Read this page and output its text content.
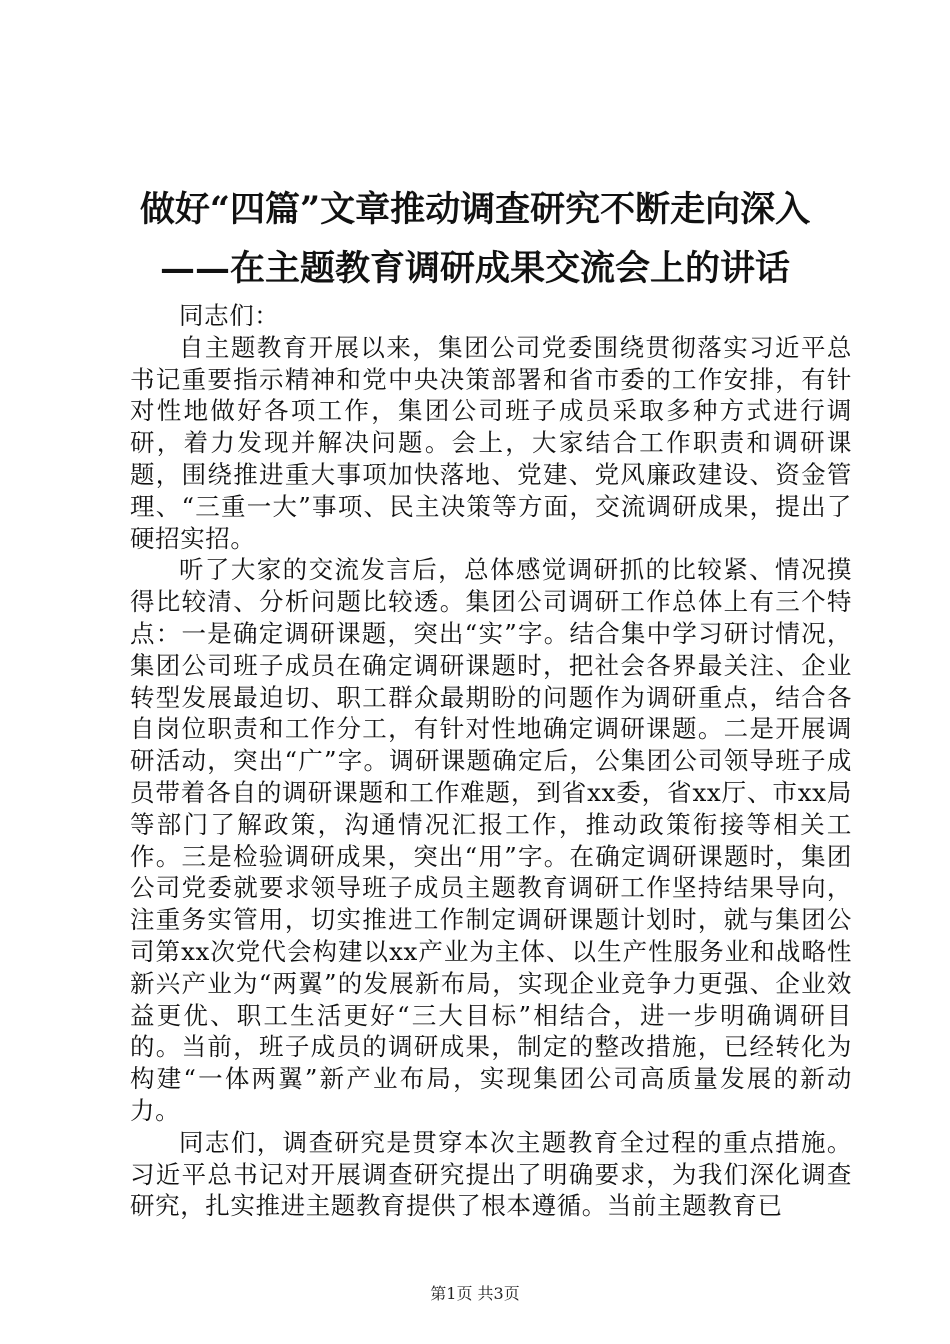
做好“四篇”文章推动调查研究不断走向深入
——在主题教育调研成果交流会上的讲话

同志们：

自主题教育开展以来，集团公司党委围绕贯彻落实习近平总书记重要指示精神和党中央决策部署和省市委的工作安排，有针对性地做好各项工作，集团公司班子成员采取多种方式进行调研，着力发现并解决问题。会上，大家结合工作职责和调研课题，围绕推进重大事项加快落地、党建、党风廉政建设、资金管理、“三重一大”事项、民主决策等方面，交流调研成果，提出了硬招实招。

听了大家的交流发言后，总体感觉调研抓的比较紧、情况摸得比较清、分析问题比较透。集团公司调研工作总体上有三个特点：一是确定调研课题，突出“实”字。结合集中学习研讨情况，集团公司班子成员在确定调研课题时，把社会各界最关注、企业转型发展最迫切、职工群众最期盼的问题作为调研重点，结合各自岗位职责和工作分工，有针对性地确定调研课题。二是开展调研活动，突出“广”字。调研课题确定后，公集团公司领导班子成员带着各自的调研课题和工作难题，到省xx委，省xx厅、市xx局等部门了解政策，沟通情况汇报工作，推动政策衔接等相关工作。三是检验调研成果，突出“用”字。在确定调研课题时，集团公司党委就要求领导班子成员主题教育调研工作坚持结果导向，注重务实管用，切实推进工作制定调研课题计划时，就与集团公司第xx次党代会构建以xx产业为主体、以生产性服务业和战略性新兴产业为“两翼”的发展新布局，实现企业竞争力更强、企业效益更优、职工生活更好“三大目标”相结合，进一步明确调研目的。当前，班子成员的调研成果，制定的整改措施，已经转化为构建“一体两翼”新产业布局，实现集团公司高质量发展的新动力。

同志们，调查研究是贯穿本次主题教育全过程的重点措施。习近平总书记对开展调查研究提出了明确要求，为我们深化调查研究，扎实推进主题教育提供了根本遵循。当前主题教育已

第1页 共3页
